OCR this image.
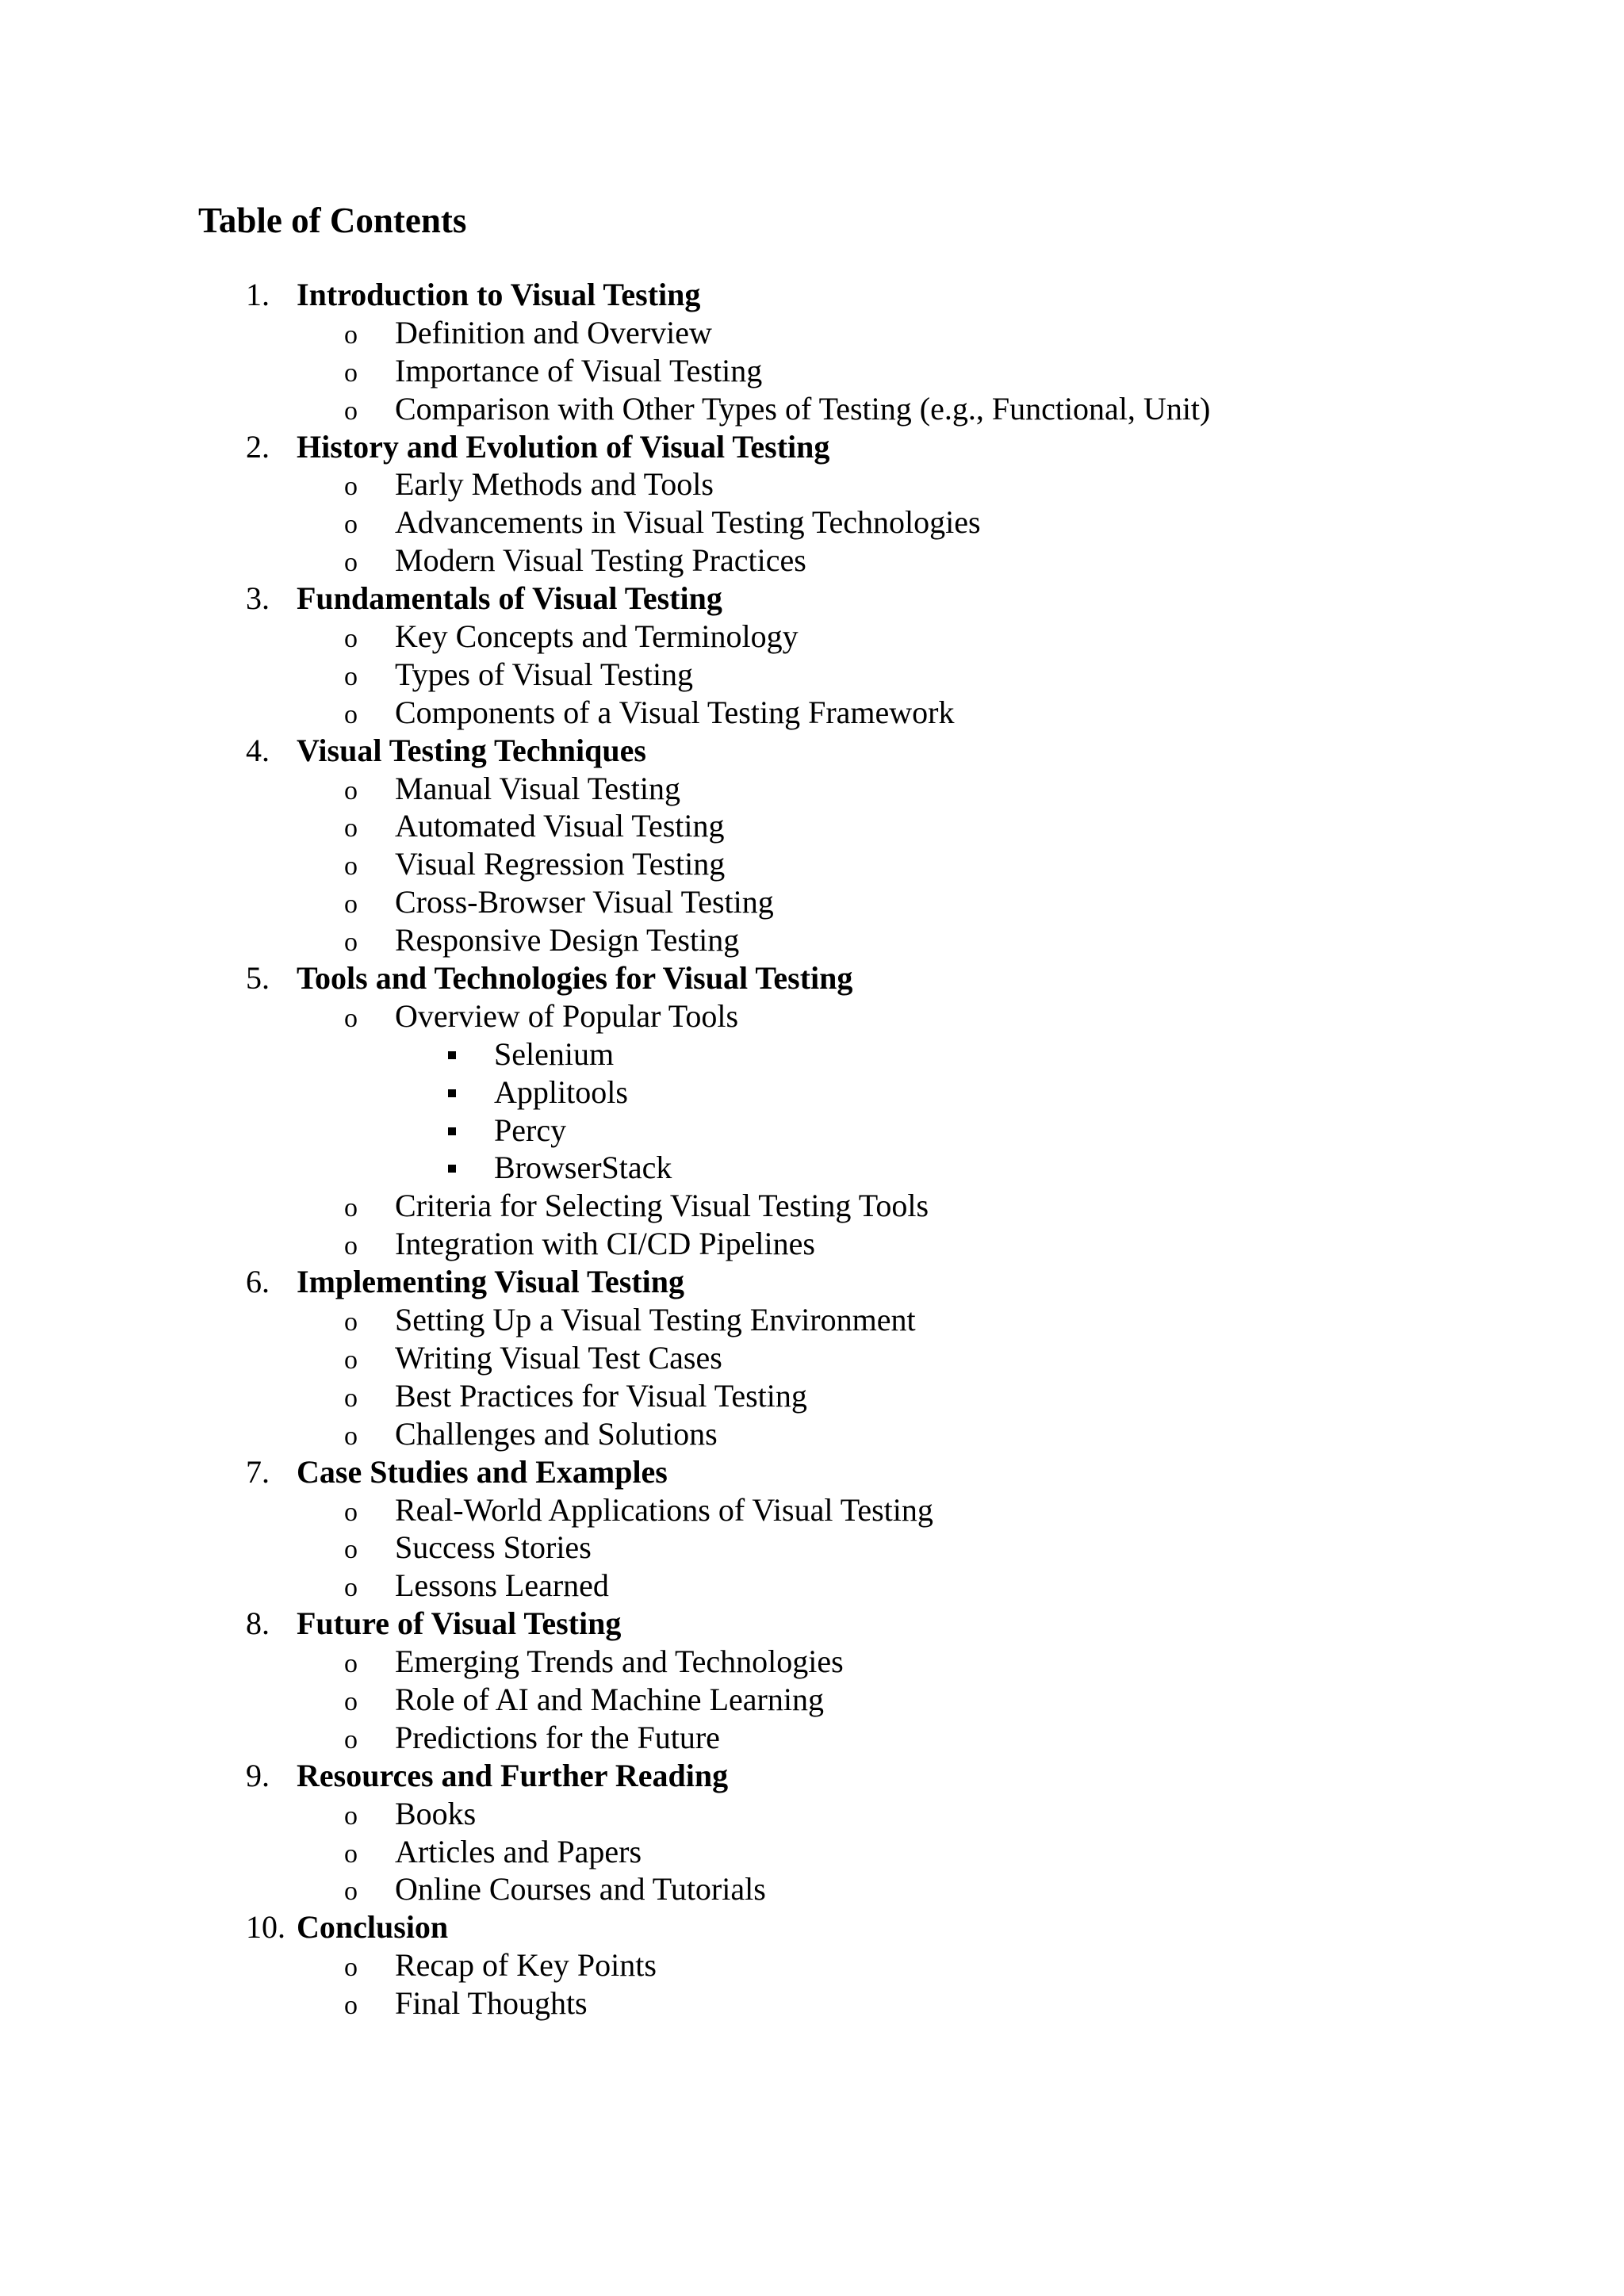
Table of Contents
1. Introduction to Visual Testing
o Definition and Overview
o Importance of Visual Testing
o Comparison with Other Types of Testing (e.g., Functional, Unit)
2. History and Evolution of Visual Testing
o Early Methods and Tools
o Advancements in Visual Testing Technologies
o Modern Visual Testing Practices
3. Fundamentals of Visual Testing
o Key Concepts and Terminology
o Types of Visual Testing
o Components of a Visual Testing Framework
4. Visual Testing Techniques
o Manual Visual Testing
o Automated Visual Testing
o Visual Regression Testing
o Cross-Browser Visual Testing
o Responsive Design Testing
5. Tools and Technologies for Visual Testing
o Overview of Popular Tools
Selenium
Applitools
Percy
BrowserStack
o Criteria for Selecting Visual Testing Tools
o Integration with CI/CD Pipelines
6. Implementing Visual Testing
o Setting Up a Visual Testing Environment
o Writing Visual Test Cases
o Best Practices for Visual Testing
o Challenges and Solutions
7. Case Studies and Examples
o Real-World Applications of Visual Testing
o Success Stories
o Lessons Learned
8. Future of Visual Testing
o Emerging Trends and Technologies
o Role of AI and Machine Learning
o Predictions for the Future
9. Resources and Further Reading
o Books
o Articles and Papers
o Online Courses and Tutorials
10. Conclusion
o Recap of Key Points
o Final Thoughts
